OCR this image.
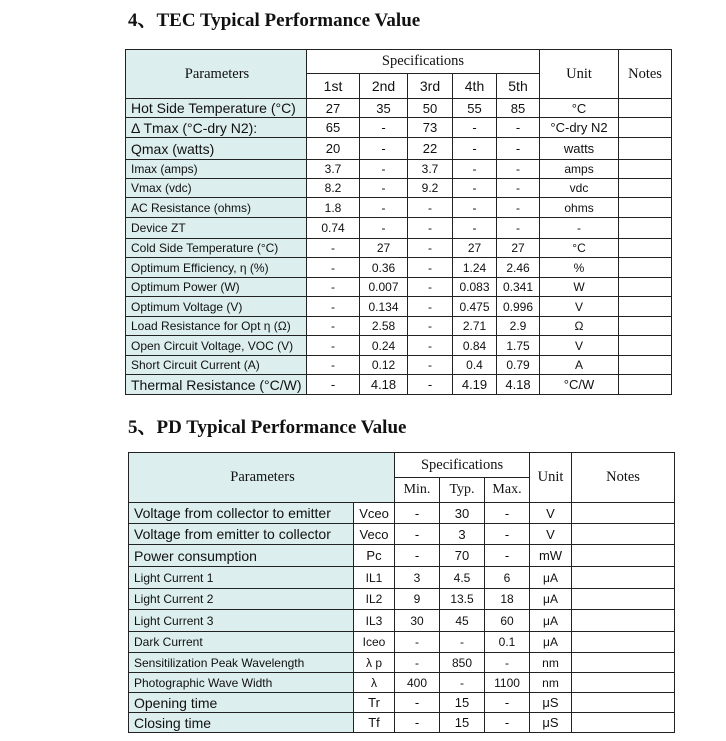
4、TEC Typical Performance Value
Parameters	Specifications					Unit	Notes
	1st	2nd	3rd	4th	5th		
Hot Side Temperature (°C)	27	35	50	55	85	°C	
Δ Tmax (°C-dry N2):	65	-	73	-	-	°C-dry N2	
Qmax (watts)	20	-	22	-	-	watts	
Imax (amps)	3.7	-	3.7	-	-	amps	
Vmax (vdc)	8.2	-	9.2	-	-	vdc	
AC Resistance (ohms)	1.8	-	-	-	-	ohms	
Device ZT	0.74	-	-	-	-	-	
Cold Side Temperature (°C)	-	27	-	27	27	°C	
Optimum Efficiency, η (%)	-	0.36	-	1.24	2.46	%	
Optimum Power (W)	-	0.007	-	0.083	0.341	W	
Optimum Voltage (V)	-	0.134	-	0.475	0.996	V	
Load Resistance for Opt η (Ω)	-	2.58	-	2.71	2.9	Ω	
Open Circuit Voltage, VOC (V)	-	0.24	-	0.84	1.75	V	
Short Circuit Current (A)	-	0.12	-	0.4	0.79	A	
Thermal Resistance (°C/W)	-	4.18	-	4.19	4.18	°C/W	
5、PD Typical Performance Value
Parameters		Specifications			Unit	Notes
		Min.	Typ.	Max.		
Voltage from collector to emitter	Vceo	-	30	-	V	
Voltage from emitter to collector	Veco	-	3	-	V	
Power consumption	Pc	-	70	-	mW	
Light Current 1	IL1	3	4.5	6	μA	
Light Current 2	IL2	9	13.5	18	μA	
Light Current 3	IL3	30	45	60	μA	
Dark Current	Iceo	-	-	0.1	μA	
Sensitilization Peak Wavelength	λ p	-	850	-	nm	
Photographic Wave Width	λ	400	-	1100	nm	
Opening time	Tr	-	15	-	μS	
Closing time	Tf	-	15	-	μS	
